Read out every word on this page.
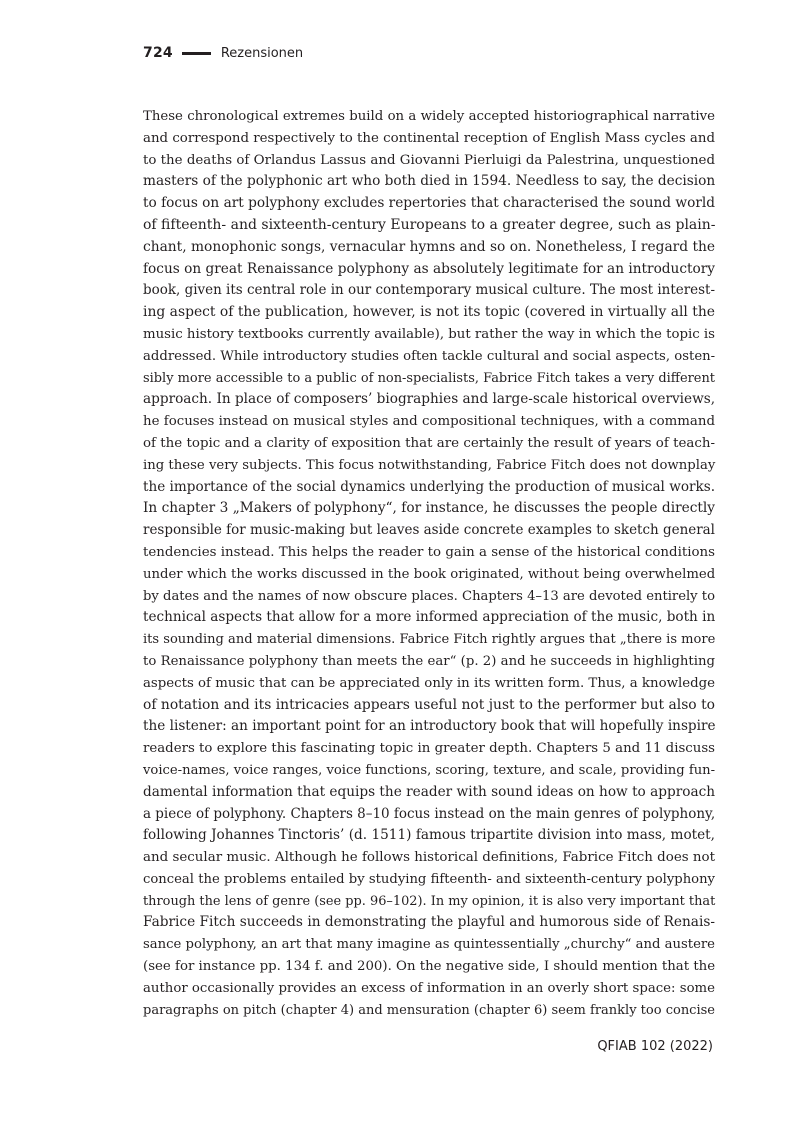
724	Rezensionen
These chronological extremes build on a widely accepted historiographical narrative
and correspond respectively to the continental reception of English Mass cycles and
to the deaths of Orlandus Lassus and Giovanni Pierluigi da Palestrina, unquestioned
masters of the polyphonic art who both died in 1594. Needless to say, the decision
to focus on art polyphony excludes repertories that characterised the sound world
of fifteenth- and sixteenth-century Europeans to a greater degree, such as plain-
chant, monophonic songs, vernacular hymns and so on. Nonetheless, I regard the
focus on great Renaissance polyphony as absolutely legitimate for an introductory
book, given its central role in our contemporary musical culture. The most interest-
ing aspect of the publication, however, is not its topic (covered in virtually all the
music history textbooks currently available), but rather the way in which the topic is
addressed. While introductory studies often tackle cultural and social aspects, osten-
sibly more accessible to a public of non-specialists, Fabrice Fitch takes a very different
approach. In place of composers’ biographies and large-scale historical overviews,
he focuses instead on musical styles and compositional techniques, with a command
of the topic and a clarity of exposition that are certainly the result of years of teach-
ing these very subjects. This focus notwithstanding, Fabrice Fitch does not downplay
the importance of the social dynamics underlying the production of musical works.
In chapter 3 „Makers of polyphony“, for instance, he discusses the people directly
responsible for music-making but leaves aside concrete examples to sketch general
tendencies instead. This helps the reader to gain a sense of the historical conditions
under which the works discussed in the book originated, without being overwhelmed
by dates and the names of now obscure places. Chapters 4–13 are devoted entirely to
technical aspects that allow for a more informed appreciation of the music, both in
its sounding and material dimensions. Fabrice Fitch rightly argues that „there is more
to Renaissance polyphony than meets the ear“ (p. 2) and he succeeds in highlighting
aspects of music that can be appreciated only in its written form. Thus, a knowledge
of notation and its intricacies appears useful not just to the performer but also to
the listener: an important point for an introductory book that will hopefully inspire
readers to explore this fascinating topic in greater depth. Chapters 5 and 11 discuss
voice-names, voice ranges, voice functions, scoring, texture, and scale, providing fun-
damental information that equips the reader with sound ideas on how to approach
a piece of polyphony. Chapters 8–10 focus instead on the main genres of polyphony,
following Johannes Tinctoris’ (d. 1511) famous tripartite division into mass, motet,
and secular music. Although he follows historical definitions, Fabrice Fitch does not
conceal the problems entailed by studying fifteenth- and sixteenth-century polyphony
through the lens of genre (see pp. 96–102). In my opinion, it is also very important that
Fabrice Fitch succeeds in demonstrating the playful and humorous side of Renais-
sance polyphony, an art that many imagine as quintessentially „churchy“ and austere
(see for instance pp. 134 f. and 200). On the negative side, I should mention that the
author occasionally provides an excess of information in an overly short space: some
paragraphs on pitch (chapter 4) and mensuration (chapter 6) seem frankly too concise
QFIAB 102 (2022)
